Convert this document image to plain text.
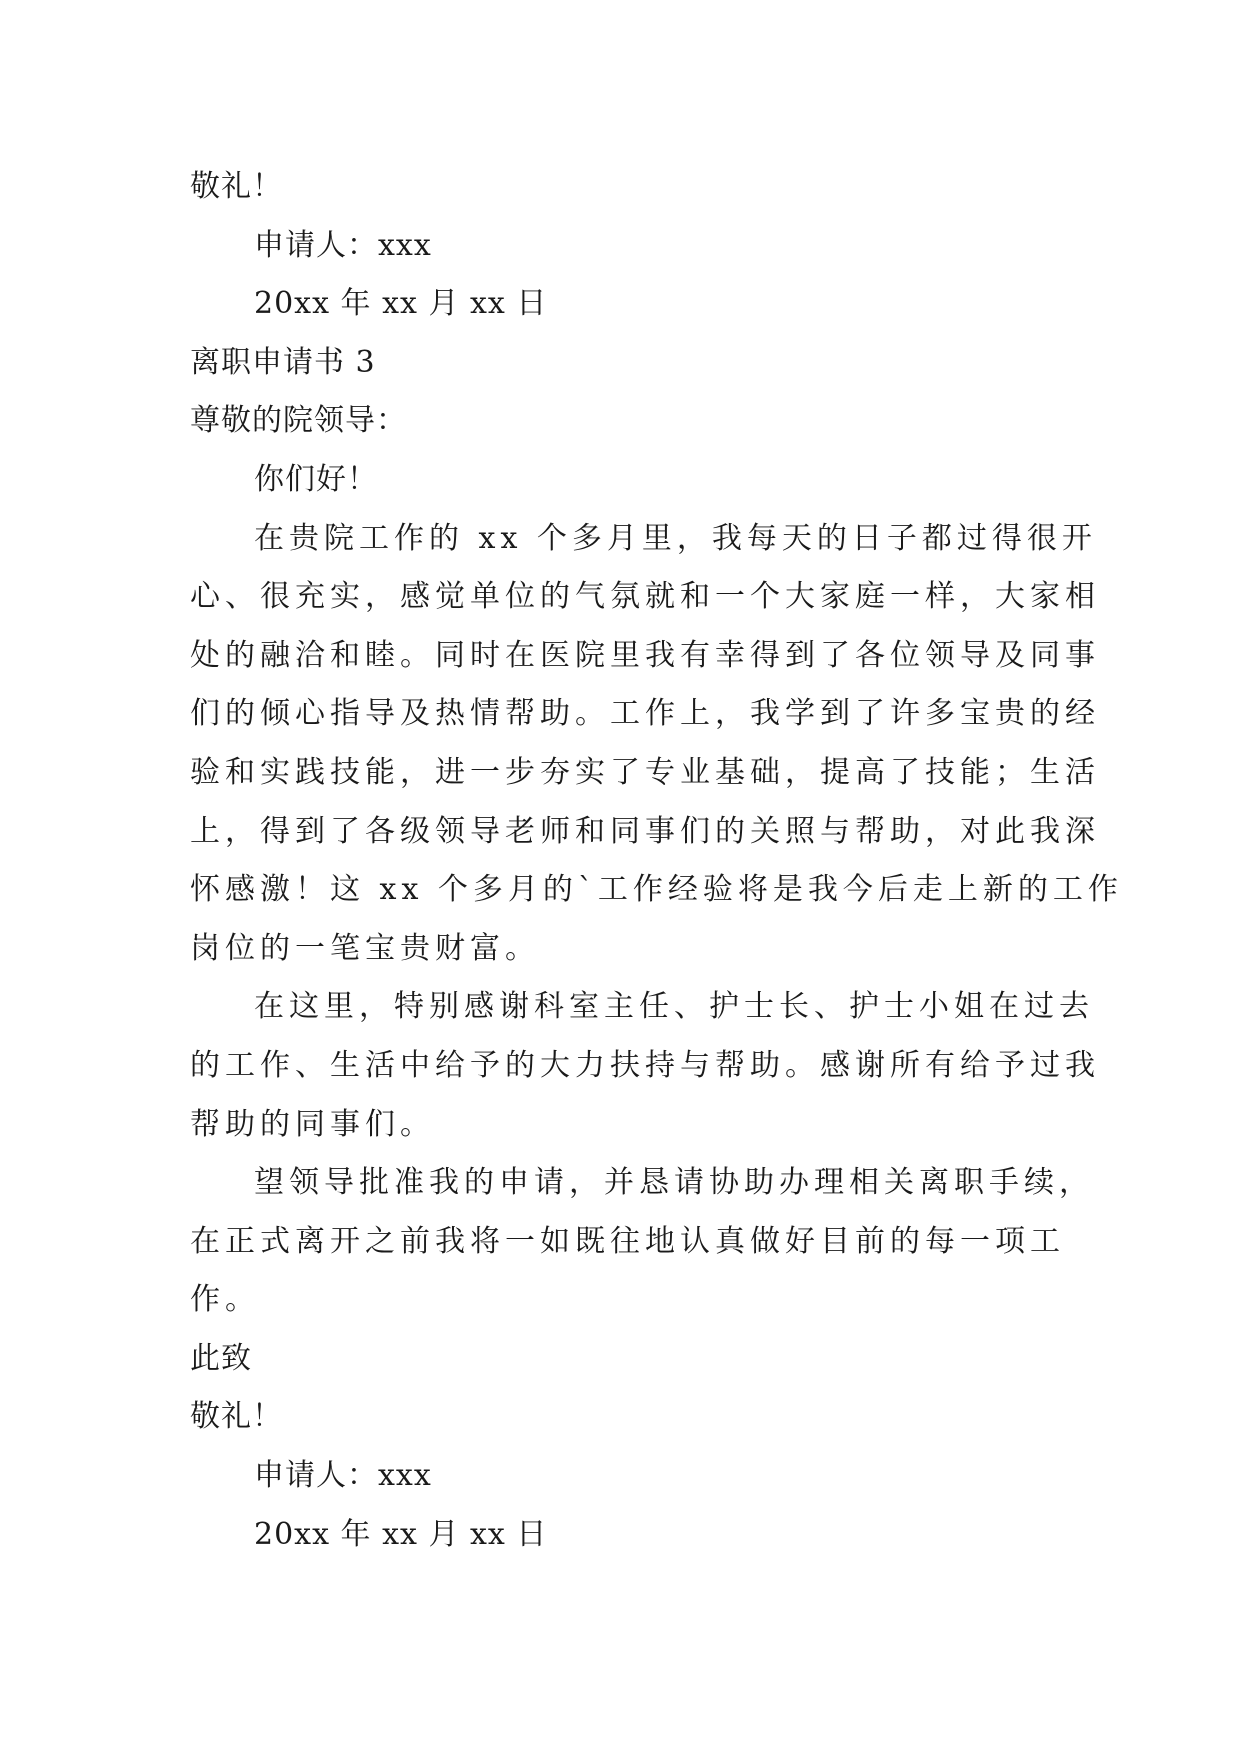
敬礼！
申请人：xxx
20xx 年 xx 月 xx 日
离职申请书 3
尊敬的院领导：
你们好！
在贵院工作的 xx 个多月里，我每天的日子都过得很开
心、很充实，感觉单位的气氛就和一个大家庭一样，大家相
处的融洽和睦。同时在医院里我有幸得到了各位领导及同事
们的倾心指导及热情帮助。工作上，我学到了许多宝贵的经
验和实践技能，进一步夯实了专业基础，提高了技能；生活
上，得到了各级领导老师和同事们的关照与帮助，对此我深
怀感激！这 xx 个多月的`工作经验将是我今后走上新的工作
岗位的一笔宝贵财富。
在这里，特别感谢科室主任、护士长、护士小姐在过去
的工作、生活中给予的大力扶持与帮助。感谢所有给予过我
帮助的同事们。
望领导批准我的申请，并恳请协助办理相关离职手续，
在正式离开之前我将一如既往地认真做好目前的每一项工
作。
此致
敬礼！
申请人：xxx
20xx 年 xx 月 xx 日
